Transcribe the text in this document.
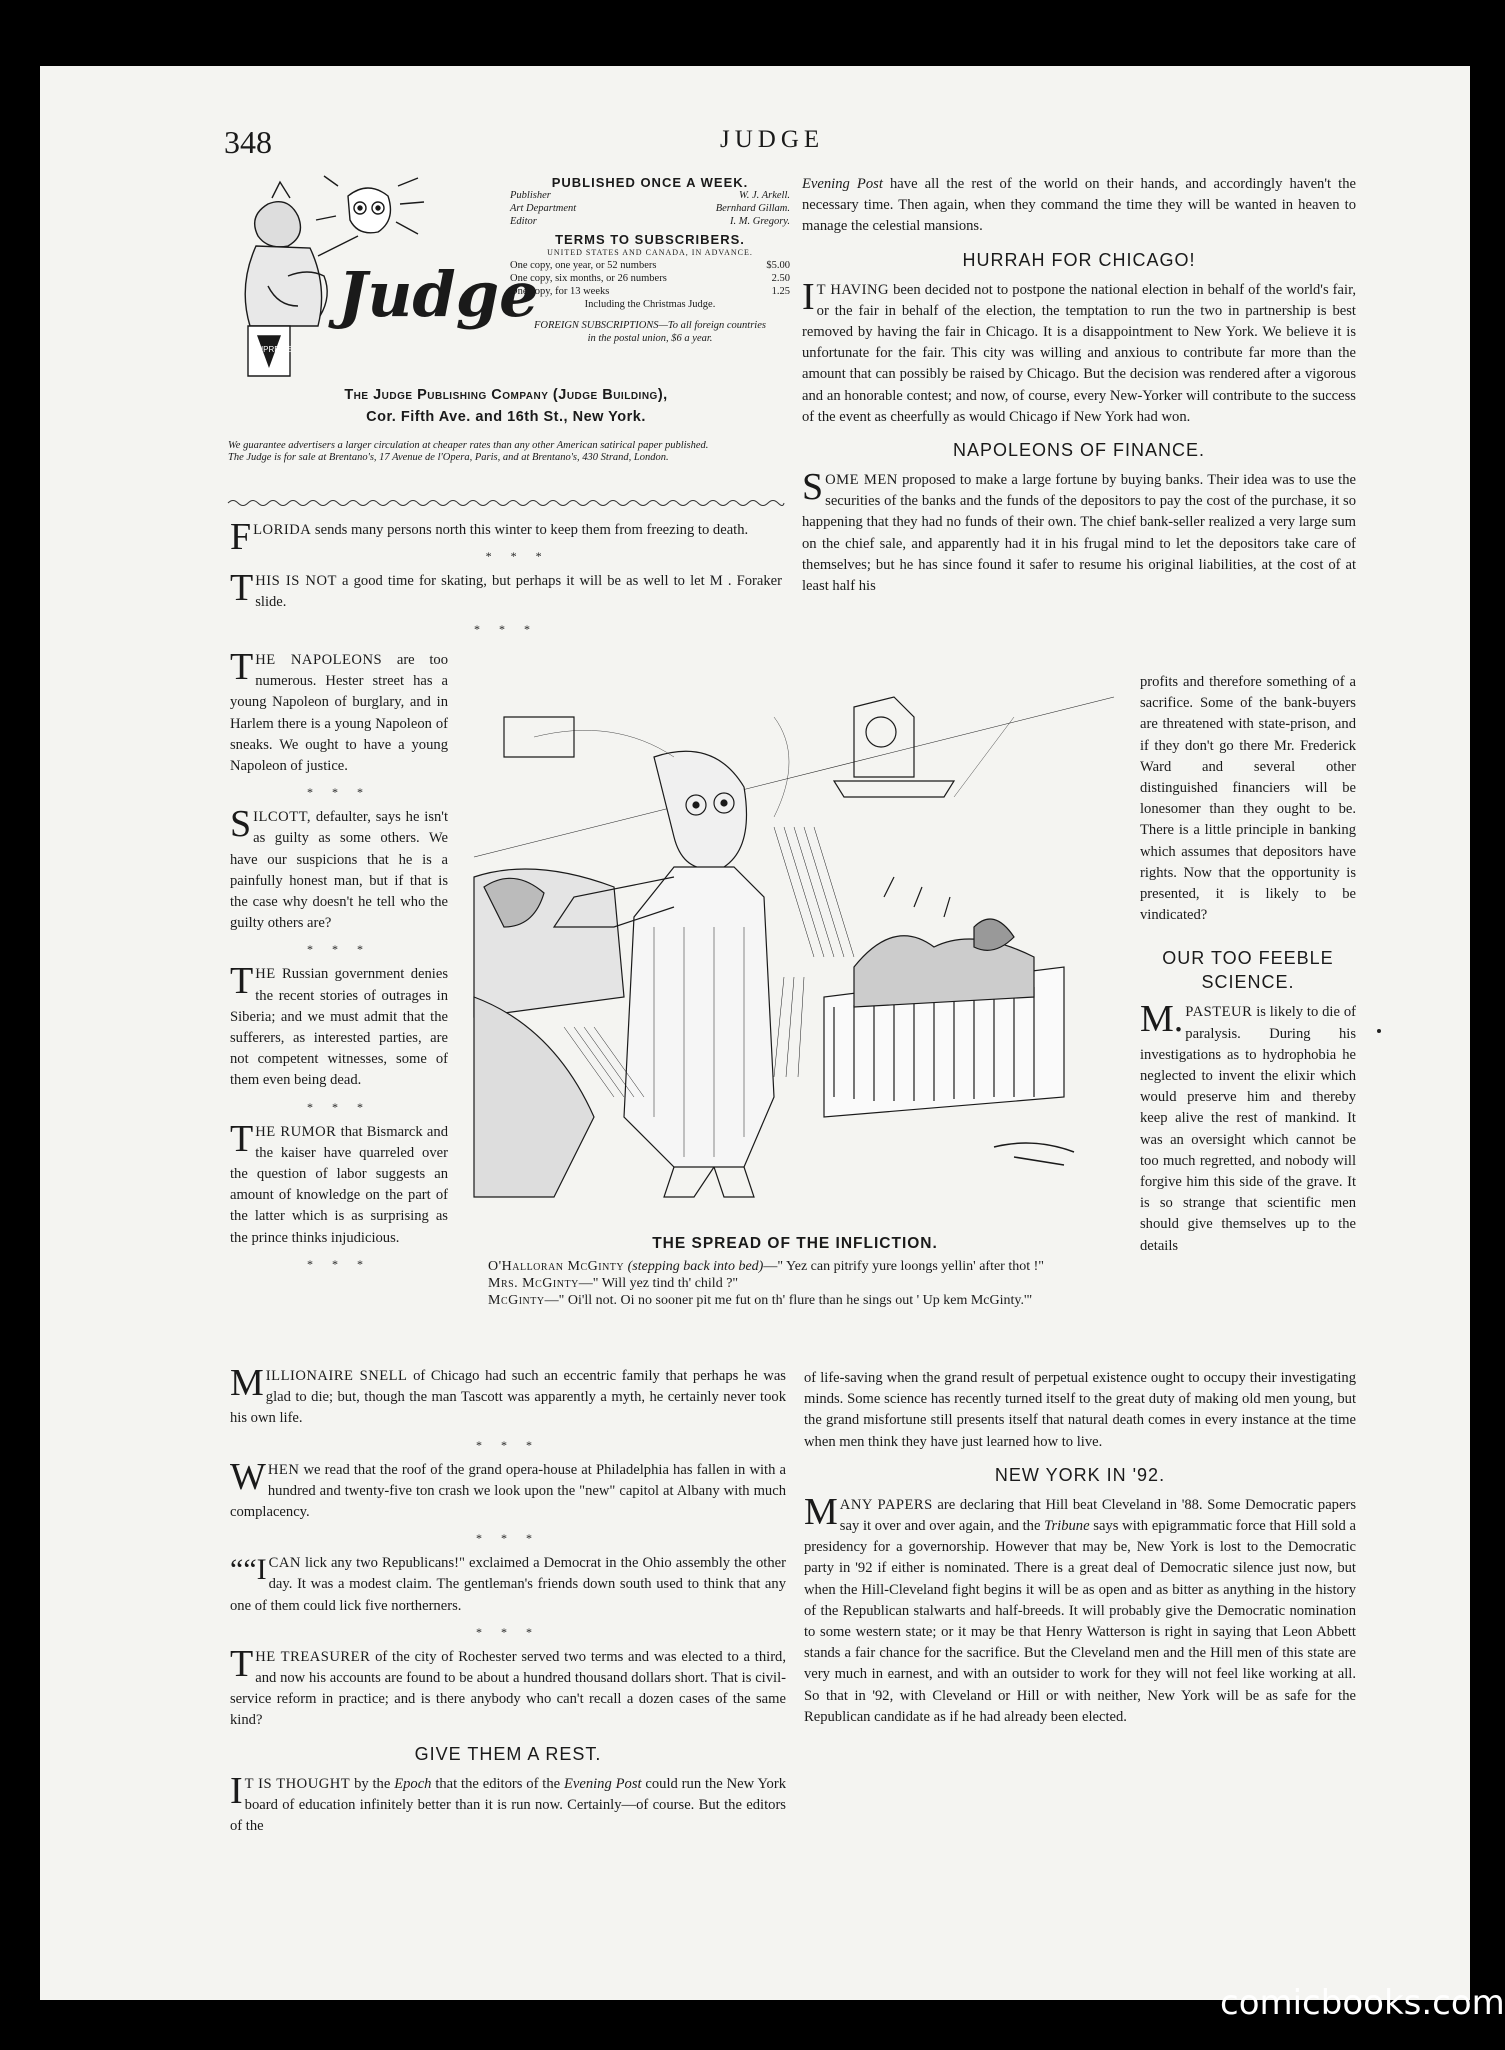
348	JUDGE
Judge
SUPREME
PUBLISHED ONCE A WEEK.
Publisher	W. J. Arkell.
Art Department	Bernhard Gillam.
Editor	I. M. Gregory.
TERMS TO SUBSCRIBERS.
UNITED STATES AND CANADA, IN ADVANCE.
One copy, one year, or 52 numbers	$5.00
One copy, six months, or 26 numbers	2.50
One copy, for 13 weeks	1.25
Including the Christmas Judge.
FOREIGN SUBSCRIPTIONS—To all foreign countries in the postal union, $6 a year.
The Judge Publishing Company (Judge Building),
Cor. Fifth Ave. and 16th St., New York.
We guarantee advertisers a larger circulation at cheaper rates than any other American satirical paper published.
The Judge is for sale at Brentano's, 17 Avenue de l'Opera, Paris, and at Brentano's, 430 Strand, London.

FLORIDA sends many persons north this winter to keep them from freezing to death.

* * *

THIS IS NOT a good time for skating, but perhaps it will be as well to let M . Foraker slide.

* * *

THE NAPOLEONS are too numerous. Hester street has a young Napoleon of burglary, and in Harlem there is a young Napoleon of sneaks. We ought to have a young Napoleon of justice.

* * *

SILCOTT, defaulter, says he isn't as guilty as some others. We have our suspicions that he is a painfully honest man, but if that is the case why doesn't he tell who the guilty others are?

* * *

THE Russian government denies the recent stories of outrages in Siberia; and we must admit that the sufferers, as interested parties, are not competent witnesses, some of them even being dead.

* * *

THE RUMOR that Bismarck and the kaiser have quarreled over the question of labor suggests an amount of knowledge on the part of the latter which is as surprising as the prince thinks injudicious.

* * *
THE SPREAD OF THE INFLICTION.
O'Halloran McGinty (stepping back into bed)—" Yez can pitrify yure loongs yellin' after thot !"
Mrs. McGinty—" Will yez tind th' child ?"
McGinty—" Oi'll not. Oi no sooner pit me fut on th' flure than he sings out ' Up kem McGinty.'"

MILLIONAIRE SNELL of Chicago had such an eccentric family that perhaps he was glad to die; but, though the man Tascott was apparently a myth, he certainly never took his own life.

* * *

WHEN we read that the roof of the grand opera-house at Philadelphia has fallen in with a hundred and twenty-five ton crash we look upon the "new" capitol at Albany with much complacency.

* * *

““I CAN lick any two Republicans!" exclaimed a Democrat in the Ohio assembly the other day. It was a modest claim. The gentleman's friends down south used to think that any one of them could lick five northerners.

* * *

THE TREASURER of the city of Rochester served two terms and was elected to a third, and now his accounts are found to be about a hundred thousand dollars short. That is civil-service reform in practice; and is there anybody who can't recall a dozen cases of the same kind?

GIVE THEM A REST.

I T IS THOUGHT by the Epoch that the editors of the Evening Post could run the New York board of education infinitely better than it is run now. Certainly—of course. But the editors of the

Evening Post have all the rest of the world on their hands, and accordingly haven't the necessary time. Then again, when they command the time they will be wanted in heaven to manage the celestial mansions.

HURRAH FOR CHICAGO!

I T HAVING been decided not to postpone the national election in behalf of the world's fair, or the fair in behalf of the election, the temptation to run the two in partnership is best removed by having the fair in Chicago. It is a disappointment to New York. We believe it is unfortunate for the fair. This city was willing and anxious to contribute far more than the amount that can possibly be raised by Chicago. But the decision was rendered after a vigorous and an honorable contest; and now, of course, every New-Yorker will contribute to the success of the event as cheerfully as would Chicago if New York had won.

NAPOLEONS OF FINANCE.

SOME MEN proposed to make a large fortune by buying banks. Their idea was to use the securities of the banks and the funds of the depositors to pay the cost of the purchase, it so happening that they had no funds of their own. The chief bank-seller realized a very large sum on the chief sale, and apparently had it in his frugal mind to let the depositors take care of themselves; but he has since found it safer to resume his original liabilities, at the cost of at least half his

profits and therefore something of a sacrifice. Some of the bank-buyers are threatened with state-prison, and if they don't go there Mr. Frederick Ward and several other distinguished financiers will be lonesomer than they ought to be. There is a little principle in banking which assumes that depositors have rights. Now that the opportunity is presented, it is likely to be vindicated?

OUR TOO FEEBLE SCIENCE.

M. PASTEUR is likely to die of paralysis. During his investigations as to hydrophobia he neglected to invent the elixir which would preserve him and thereby keep alive the rest of mankind. It was an oversight which cannot be too much regretted, and nobody will forgive him this side of the grave. It is so strange that scientific men should give themselves up to the details

of life-saving when the grand result of perpetual existence ought to occupy their investigating minds. Some science has recently turned itself to the great duty of making old men young, but the grand misfortune still presents itself that natural death comes in every instance at the time when men think they have just learned how to live.

NEW YORK IN '92.

MANY PAPERS are declaring that Hill beat Cleveland in '88. Some Democratic papers say it over and over again, and the Tribune says with epigrammatic force that Hill sold a presidency for a governorship. However that may be, New York is lost to the Democratic party in '92 if either is nominated. There is a great deal of Democratic silence just now, but when the Hill-Cleveland fight begins it will be as open and as bitter as anything in the history of the Republican stalwarts and half-breeds. It will probably give the Democratic nomination to some western state; or it may be that Henry Watterson is right in saying that Leon Abbett stands a fair chance for the sacrifice. But the Cleveland men and the Hill men of this state are very much in earnest, and with an outsider to work for they will not feel like working at all. So that in '92, with Cleveland or Hill or with neither, New York will be as safe for the Republican candidate as if he had already been elected.

comicbooks.com
